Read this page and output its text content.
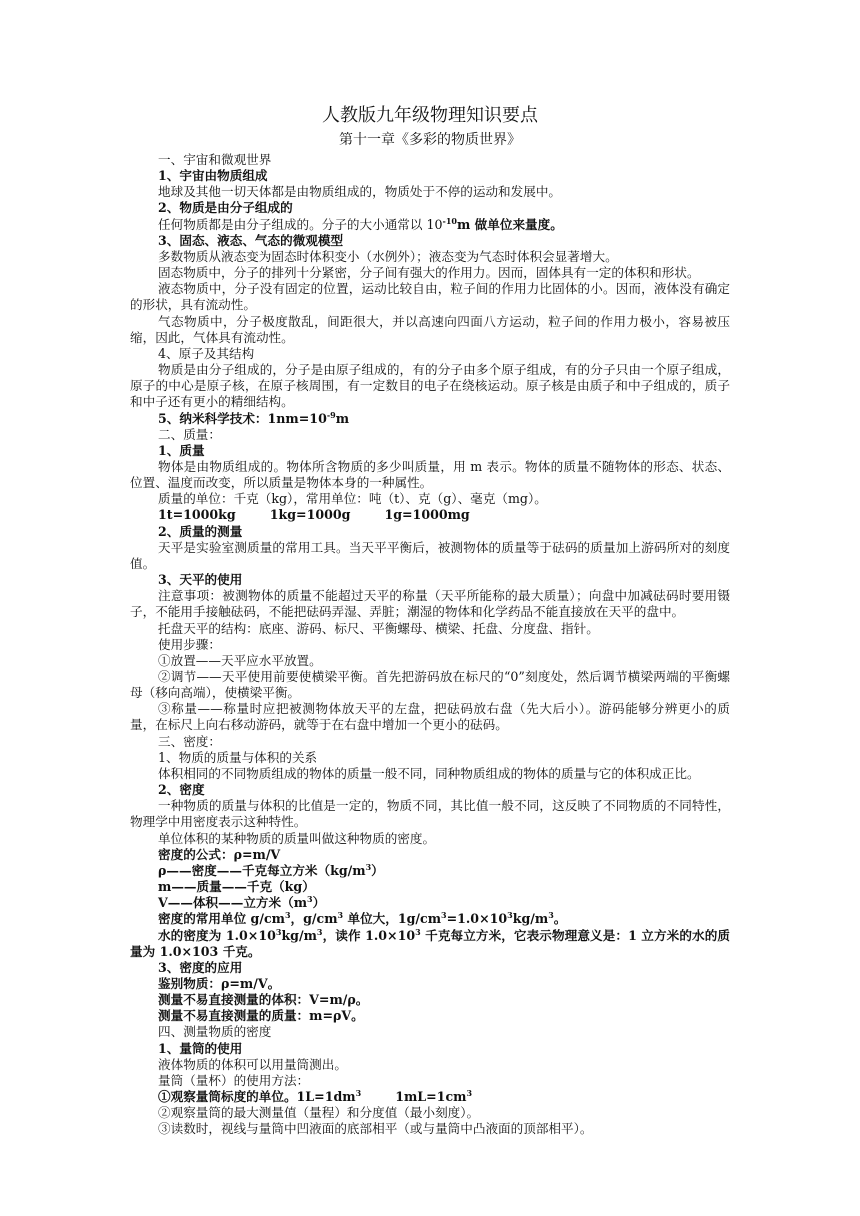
人教版九年级物理知识要点
第十一章《多彩的物质世界》

一、宇宙和微观世界

1、宇宙由物质组成

地球及其他一切天体都是由物质组成的，物质处于不停的运动和发展中。

2、物质是由分子组成的

任何物质都是由分子组成的。分子的大小通常以 $10^{-10}m$ 做单位来量度。

3、固态、液态、气态的微观模型

多数物质从液态变为固态时体积变小（水例外）；液态变为气态时体积会显著增大。

固态物质中，分子的排列十分紧密，分子间有强大的作用力。因而，固体具有一定的体积和形状。

液态物质中，分子没有固定的位置，运动比较自由，粒子间的作用力比固体的小。因而，液体没有确定的形状，具有流动性。

气态物质中，分子极度散乱，间距很大，并以高速向四面八方运动，粒子间的作用力极小，容易被压缩，因此，气体具有流动性。

4、原子及其结构

物质是由分子组成的，分子是由原子组成的，有的分子由多个原子组成，有的分子只由一个原子组成，原子的中心是原子核，在原子核周围，有一定数目的电子在绕核运动。原子核是由质子和中子组成的，质子和中子还有更小的精细结构。

5、纳米科学技术：$1nm=10^{-9}m$

二、质量：

1、质量

物体是由物质组成的。物体所含物质的多少叫质量，用 m 表示。物体的质量不随物体的形态、状态、位置、温度而改变，所以质量是物体本身的一种属性。

质量的单位：千克（kg），常用单位：吨（t）、克（g）、毫克（mg）。

1t=1000kg	1kg=1000g	1g=1000mg

2、质量的测量

天平是实验室测质量的常用工具。当天平平衡后，被测物体的质量等于砝码的质量加上游码所对的刻度值。

3、天平的使用

注意事项：被测物体的质量不能超过天平的称量（天平所能称的最大质量）；向盘中加减砝码时要用镊子，不能用手接触砝码，不能把砝码弄湿、弄脏；潮湿的物体和化学药品不能直接放在天平的盘中。

托盘天平的结构：底座、游码、标尺、平衡螺母、横梁、托盘、分度盘、指针。

使用步骤：

①放置——天平应水平放置。

②调节——天平使用前要使横梁平衡。首先把游码放在标尺的“0”刻度处，然后调节横梁两端的平衡螺母（移向高端），使横梁平衡。

③称量——称量时应把被测物体放天平的左盘，把砝码放右盘（先大后小）。游码能够分辨更小的质量，在标尺上向右移动游码，就等于在右盘中增加一个更小的砝码。

三、密度：

1、物质的质量与体积的关系

体积相同的不同物质组成的物体的质量一般不同，同种物质组成的物体的质量与它的体积成正比。

2、密度

一种物质的质量与体积的比值是一定的，物质不同，其比值一般不同，这反映了不同物质的不同特性，物理学中用密度表示这种特性。

单位体积的某种物质的质量叫做这种物质的密度。

密度的公式：ρ=m/V

ρ——密度——千克每立方米$(kg/m^3)$

m——质量——千克（kg）

V——体积——立方米$(m^3)$

密度的常用单位 $g/cm^3$，$g/cm^3$ 单位大，$1g/cm^3=1.0\times 10^3kg/m^3$。

水的密度为 $1.0\times 10^3kg/m^3$，读作 $1.0\times 10^3$ 千克每立方米，它表示物理意义是：1 立方米的水的质量为 1.0×103 千克。

3、密度的应用

鉴别物质：ρ=m/V。

测量不易直接测量的体积：V=m/ρ。

测量不易直接测量的质量：m=ρV。

四、测量物质的密度

1、量筒的使用

液体物质的体积可以用量筒测出。

量筒（量杯）的使用方法：

①观察量筒标度的单位。$1L=1dm^3$	$1mL=1cm^3$

②观察量筒的最大测量值（量程）和分度值（最小刻度）。

③读数时，视线与量筒中凹液面的底部相平（或与量筒中凸液面的顶部相平）。
